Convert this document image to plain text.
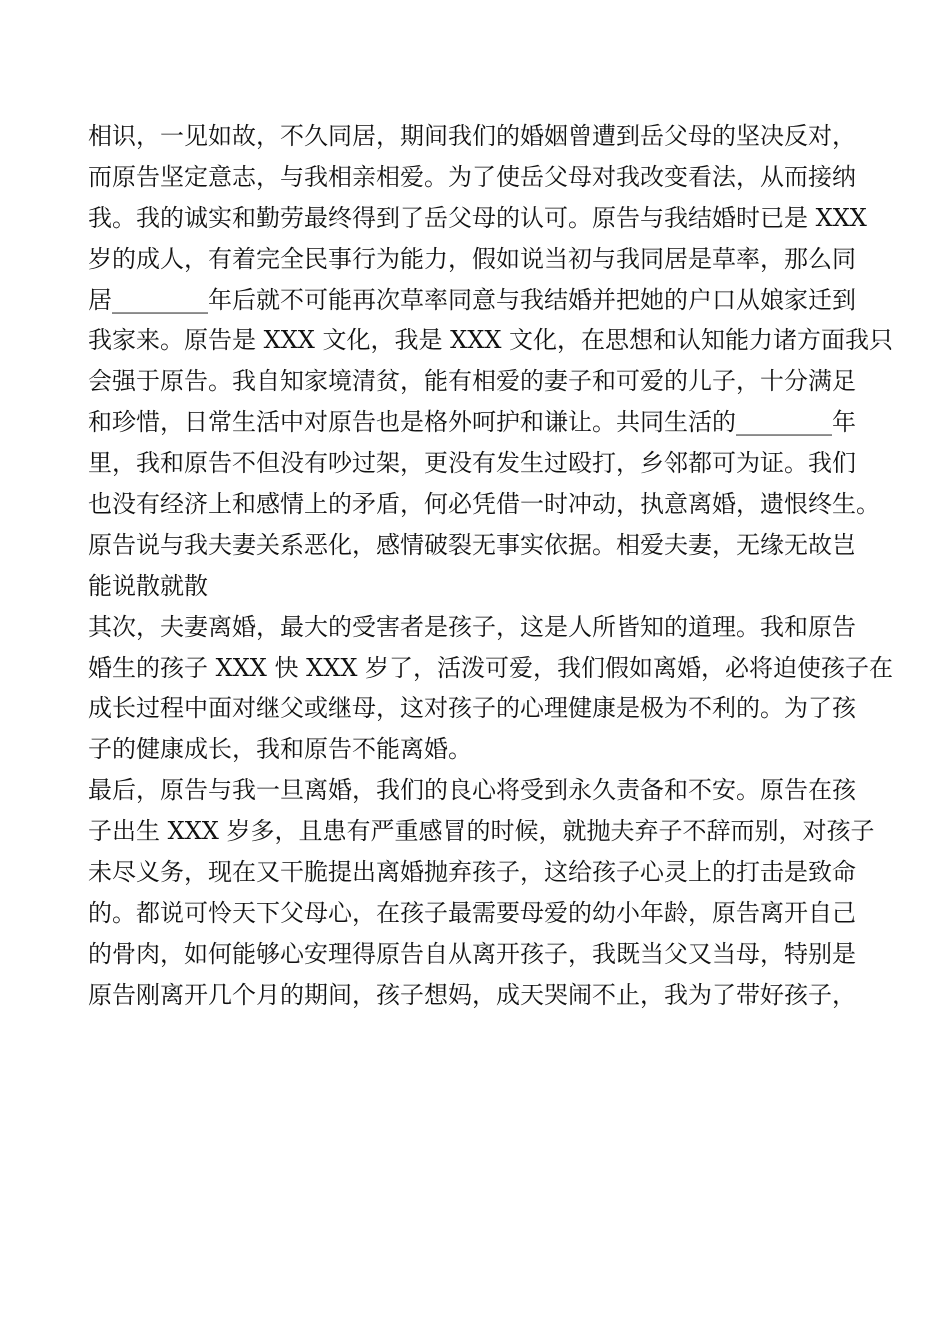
相识，一见如故，不久同居，期间我们的婚姻曾遭到岳父母的坚决反对，
而原告坚定意志，与我相亲相爱。为了使岳父母对我改变看法，从而接纳
我。我的诚实和勤劳最终得到了岳父母的认可。原告与我结婚时已是 XXX
岁的成人，有着完全民事行为能力，假如说当初与我同居是草率，那么同
居________年后就不可能再次草率同意与我结婚并把她的户口从娘家迁到
我家来。原告是 XXX 文化，我是 XXX 文化，在思想和认知能力诸方面我只
会强于原告。我自知家境清贫，能有相爱的妻子和可爱的儿子，十分满足
和珍惜，日常生活中对原告也是格外呵护和谦让。共同生活的________年
里，我和原告不但没有吵过架，更没有发生过殴打，乡邻都可为证。我们
也没有经济上和感情上的矛盾，何必凭借一时冲动，执意离婚，遗恨终生。
原告说与我夫妻关系恶化，感情破裂无事实依据。相爱夫妻，无缘无故岂
能说散就散
其次，夫妻离婚，最大的受害者是孩子，这是人所皆知的道理。我和原告
婚生的孩子 XXX 快 XXX 岁了，活泼可爱，我们假如离婚，必将迫使孩子在
成长过程中面对继父或继母，这对孩子的心理健康是极为不利的。为了孩
子的健康成长，我和原告不能离婚。
最后，原告与我一旦离婚，我们的良心将受到永久责备和不安。原告在孩
子出生 XXX 岁多，且患有严重感冒的时候，就抛夫弃子不辞而别，对孩子
未尽义务，现在又干脆提出离婚抛弃孩子，这给孩子心灵上的打击是致命
的。都说可怜天下父母心，在孩子最需要母爱的幼小年龄，原告离开自己
的骨肉，如何能够心安理得原告自从离开孩子，我既当父又当母，特别是
原告刚离开几个月的期间，孩子想妈，成天哭闹不止，我为了带好孩子，
